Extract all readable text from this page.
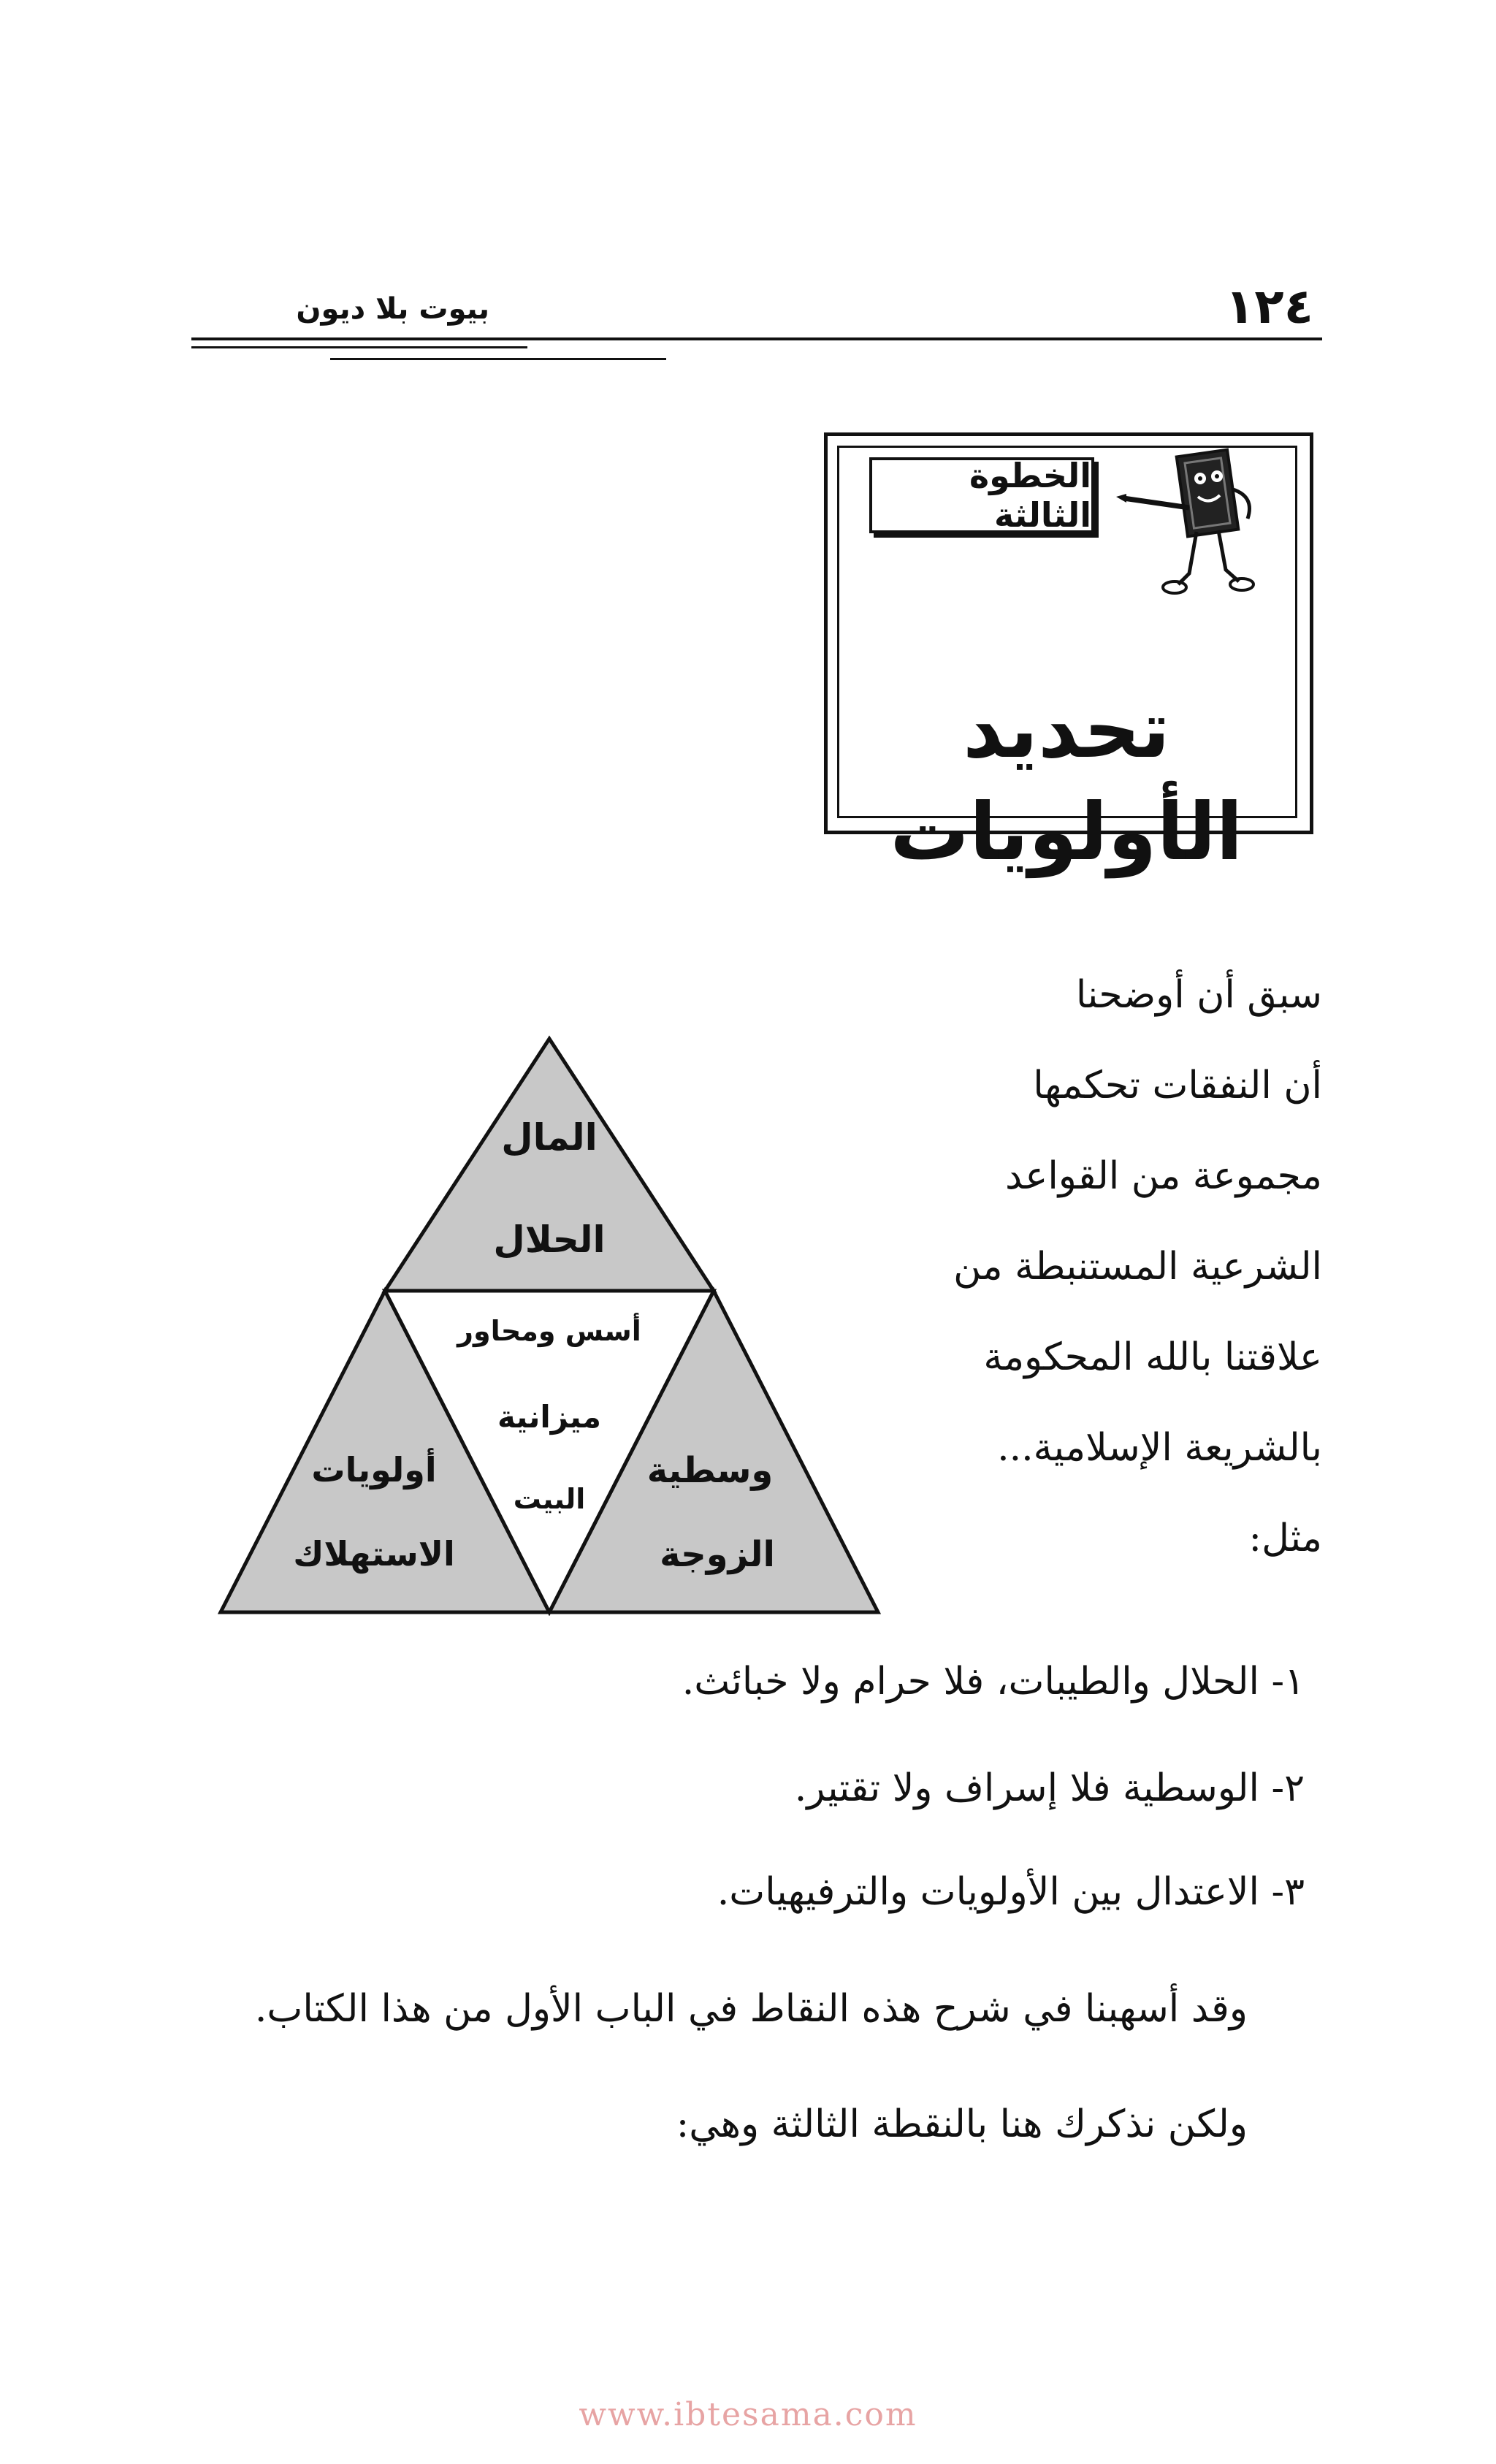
١٢٤
بيوت بلا ديون
الخطوة الثالثة
تحديد الأولويات
سبق أن أوضحنا
أن النفقات تحكمها
مجموعة من القواعد
الشرعية المستنبطة من
علاقتنا بالله المحكومة
بالشريعة الإسلامية...
مثل:
المال
الحلال
أسس ومحاور
ميزانية
البيت
أولويات
الاستهلاك
وسطية
الزوجة
١- الحلال والطيبات، فلا حرام ولا خبائث.
٢- الوسطية فلا إسراف ولا تقتير.
٣- الاعتدال بين الأولويات والترفيهيات.
وقد أسهبنا في شرح هذه النقاط في الباب الأول من هذا الكتاب.
ولكن نذكرك هنا بالنقطة الثالثة وهي:
www.ibtesama.com
